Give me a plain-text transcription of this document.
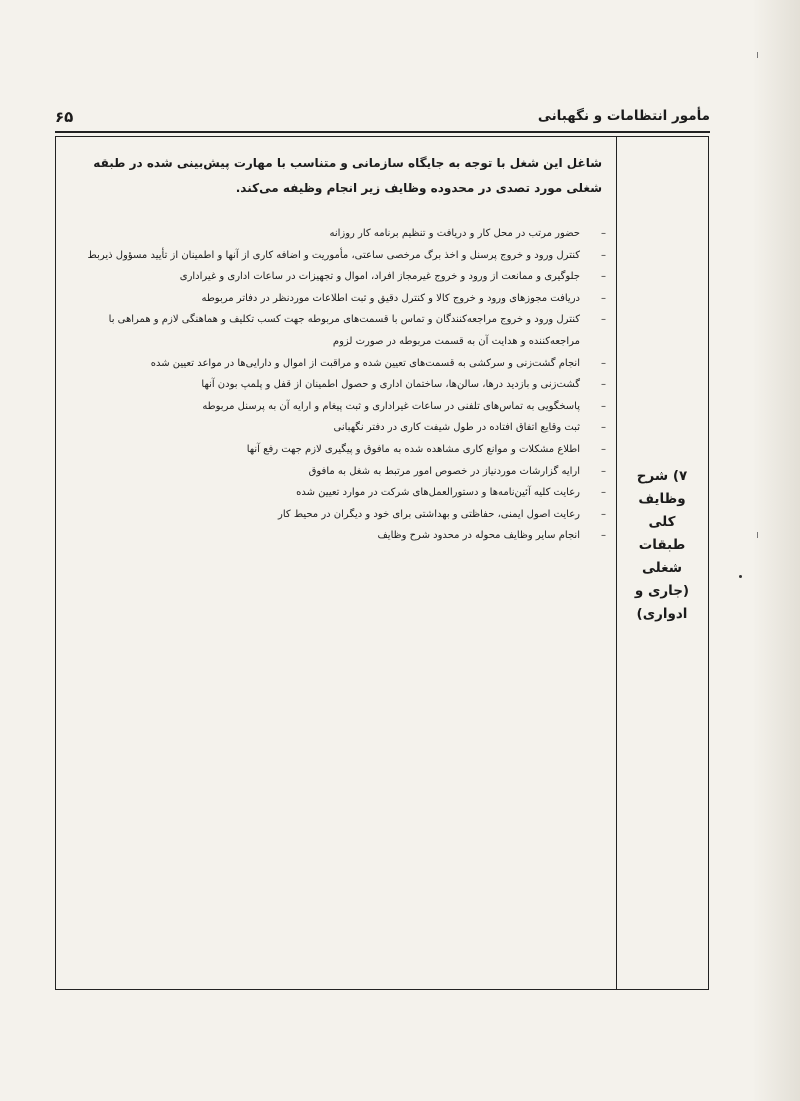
مأمور انتظامات و نگهبانی
۶۵
۷) شرح
وظایف
کلی
طبقات
شغلی
(جاری و
ادواری)
شاغل این شغل با توجه به جایگاه سازمانی و متناسب با مهارت پیش‌بینی شده در طبقه شغلی مورد تصدی در محدوده وظایف زیر انجام وظیفه می‌کند.
–
حضور مرتب در محل کار و دریافت و تنظیم برنامه کار روزانه
–
کنترل ورود و خروج پرسنل و اخذ برگ مرخصی ساعتی، مأموریت و اضافه کاری از آنها و اطمینان از تأیید مسؤول ذیربط
–
جلوگیری و ممانعت از ورود و خروج غیرمجاز افراد، اموال و تجهیزات در ساعات اداری و غیراداری
–
دریافت مجوزهای ورود و خروج کالا و کنترل دقیق و ثبت اطلاعات موردنظر در دفاتر مربوطه
–
کنترل ورود و خروج مراجعه‌کنندگان و تماس با قسمت‌های مربوطه جهت کسب تکلیف و هماهنگی لازم و همراهی با مراجعه‌کننده و هدایت آن به قسمت مربوطه در صورت لزوم
–
انجام گشت‌زنی و سرکشی به قسمت‌های تعیین شده و مراقبت از اموال و دارایی‌ها در مواعد تعیین شده
–
گشت‌زنی و بازدید درها، سالن‌ها، ساختمان اداری و حصول اطمینان از قفل و پلمپ بودن آنها
–
پاسخگویی به تماس‌های تلفنی در ساعات غیراداری و ثبت پیغام و ارایه آن به پرسنل مربوطه
–
ثبت وقایع اتفاق افتاده در طول شیفت کاری در دفتر نگهبانی
–
اطلاع مشکلات و موانع کاری مشاهده شده به مافوق و پیگیری لازم جهت رفع آنها
–
ارایه گزارشات موردنیاز در خصوص امور مرتبط به شغل به مافوق
–
رعایت کلیه آئین‌نامه‌ها و دستورالعمل‌های شرکت در موارد تعیین شده
–
رعایت اصول ایمنی، حفاظتی و بهداشتی برای خود و دیگران در محیط کار
–
انجام سایر وظایف محوله در محدود شرح وظایف
